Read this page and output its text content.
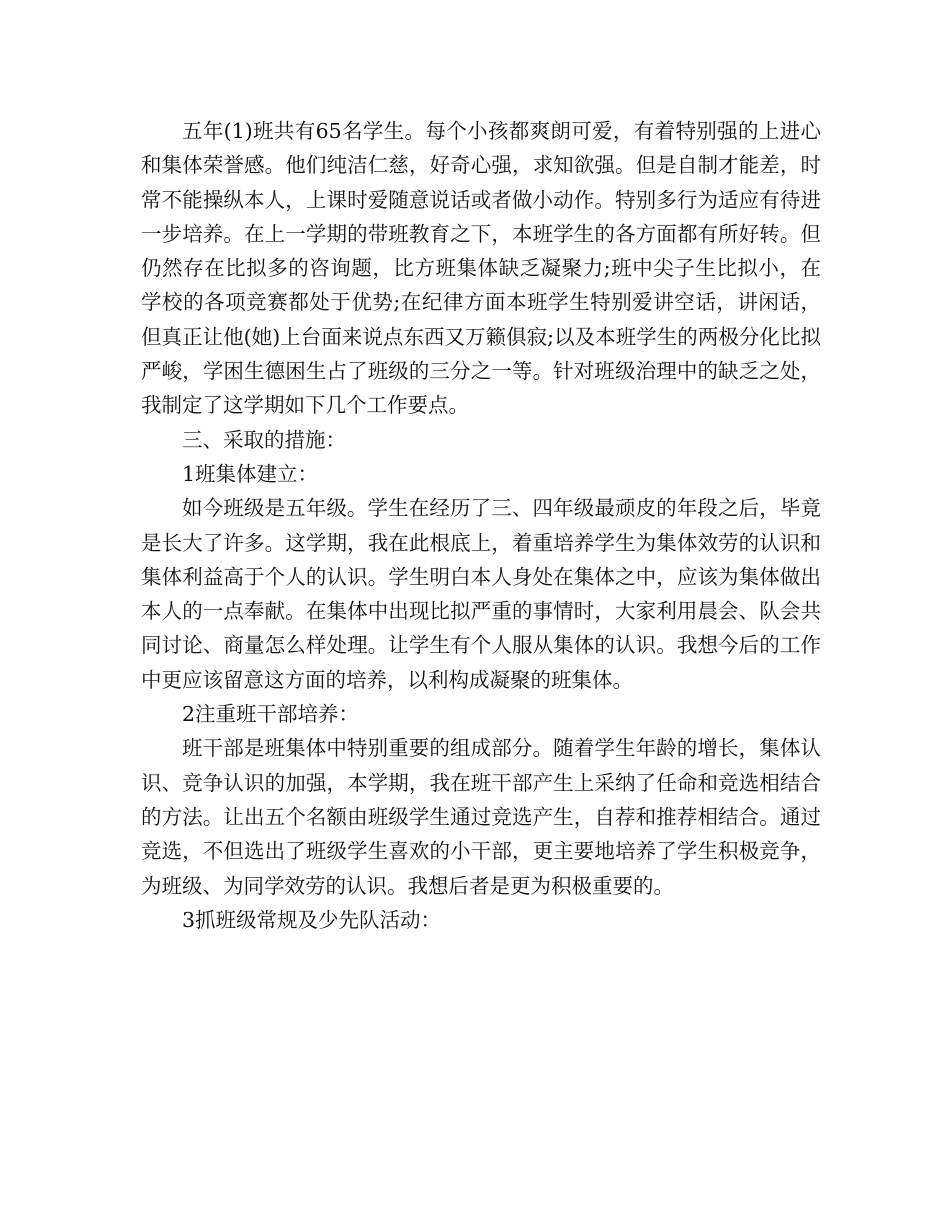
五年(1)班共有65名学生。每个小孩都爽朗可爱，有着特别强的上进心和集体荣誉感。他们纯洁仁慈，好奇心强，求知欲强。但是自制才能差，时常不能操纵本人，上课时爱随意说话或者做小动作。特别多行为适应有待进一步培养。在上一学期的带班教育之下，本班学生的各方面都有所好转。但仍然存在比拟多的咨询题，比方班集体缺乏凝聚力;班中尖子生比拟小，在学校的各项竞赛都处于优势;在纪律方面本班学生特别爱讲空话，讲闲话，但真正让他(她)上台面来说点东西又万籁俱寂;以及本班学生的两极分化比拟严峻，学困生德困生占了班级的三分之一等。针对班级治理中的缺乏之处，我制定了这学期如下几个工作要点。

三、采取的措施：

1班集体建立：

如今班级是五年级。学生在经历了三、四年级最顽皮的年段之后，毕竟是长大了许多。这学期，我在此根底上，着重培养学生为集体效劳的认识和集体利益高于个人的认识。学生明白本人身处在集体之中，应该为集体做出本人的一点奉献。在集体中出现比拟严重的事情时，大家利用晨会、队会共同讨论、商量怎么样处理。让学生有个人服从集体的认识。我想今后的工作中更应该留意这方面的培养，以利构成凝聚的班集体。

2注重班干部培养：

班干部是班集体中特别重要的组成部分。随着学生年龄的增长，集体认识、竞争认识的加强，本学期，我在班干部产生上采纳了任命和竞选相结合的方法。让出五个名额由班级学生通过竞选产生，自荐和推荐相结合。通过竞选，不但选出了班级学生喜欢的小干部，更主要地培养了学生积极竞争，为班级、为同学效劳的认识。我想后者是更为积极重要的。

3抓班级常规及少先队活动：
